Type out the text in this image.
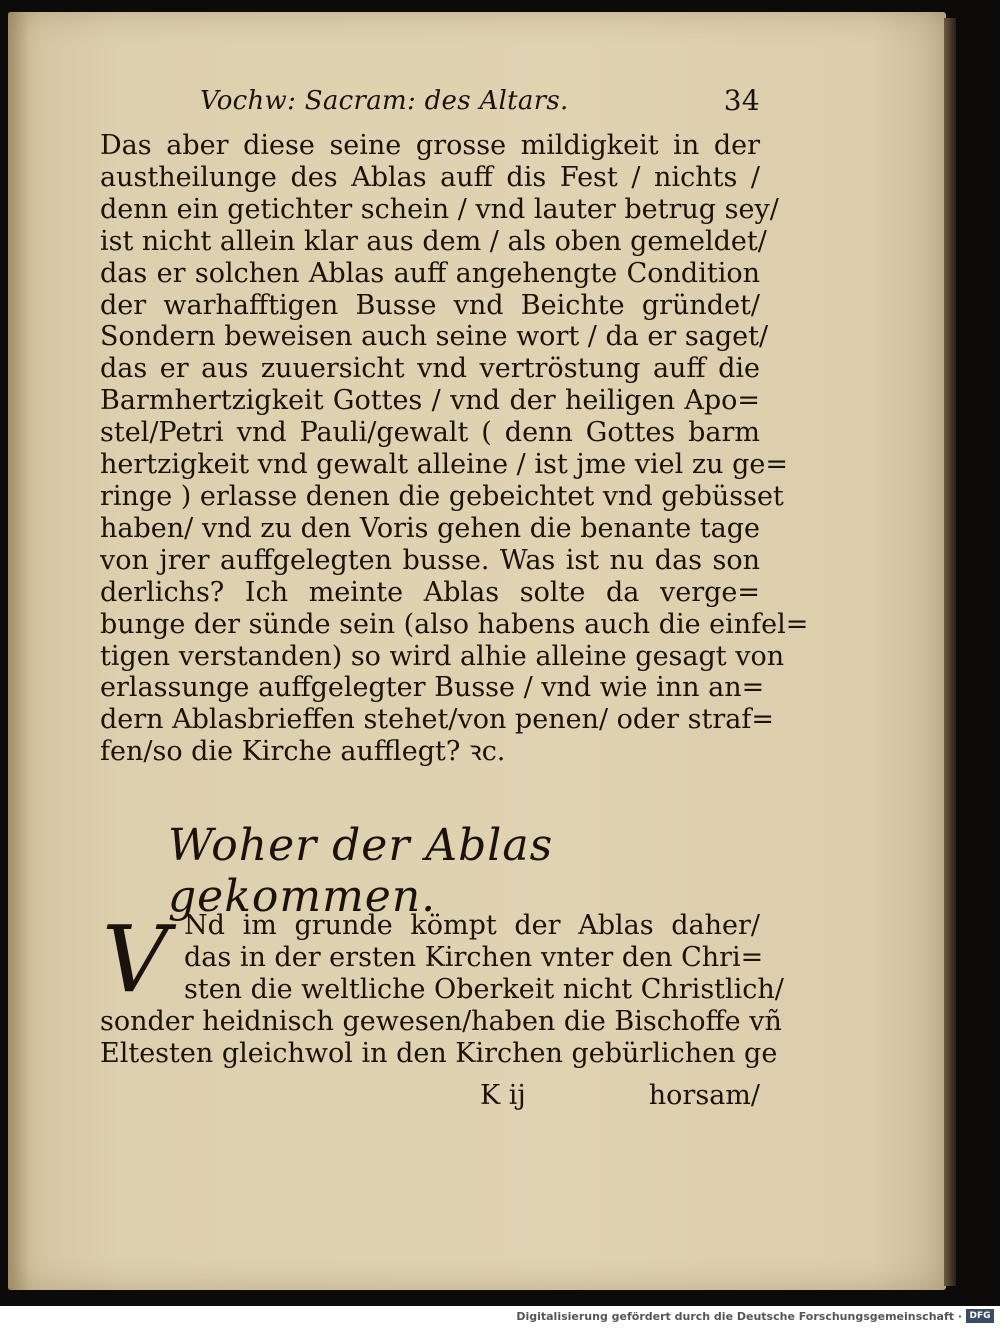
Vochw: Sacram: des Altars.	34
Das aber diese seine grosse mildigkeit in der
austheilunge des Ablas auff dis Fest / nichts /
denn ein getichter schein / vnd lauter betrug sey/
ist nicht allein klar aus dem / als oben gemeldet/
das er solchen Ablas auff angehengte Condition
der warhafftigen Busse vnd Beichte gründet/
Sondern beweisen auch seine wort / da er saget/
das er aus zuuersicht vnd vertröstung auff die
Barmhertzigkeit Gottes / vnd der heiligen Apo=
stel/Petri vnd Pauli/gewalt ( denn Gottes barm
hertzigkeit vnd gewalt alleine / ist jme viel zu ge=
ringe ) erlasse denen die gebeichtet vnd gebüsset
haben/ vnd zu den Voris gehen die benante tage
von jrer auffgelegten busse. Was ist nu das son
derlichs? Ich meinte Ablas solte da verge=
bunge der sünde sein (also habens auch die einfel=
tigen verstanden) so wird alhie alleine gesagt von
erlassunge auffgelegter Busse / vnd wie inn an=
dern Ablasbrieffen stehet/von penen/ oder straf=
fen/so die Kirche aufflegt? ꝛc.
Woher der Ablas gekommen.
V Nd im grunde kömpt der Ablas daher/
das in der ersten Kirchen vnter den Chri=
sten die weltliche Oberkeit nicht Christlich/
sonder heidnisch gewesen/haben die Bischoffe vñ
Eltesten gleichwol in den Kirchen gebürlichen ge
K ij	horsam/
Digitalisierung gefördert durch die Deutsche Forschungsgemeinschaft · DFG
